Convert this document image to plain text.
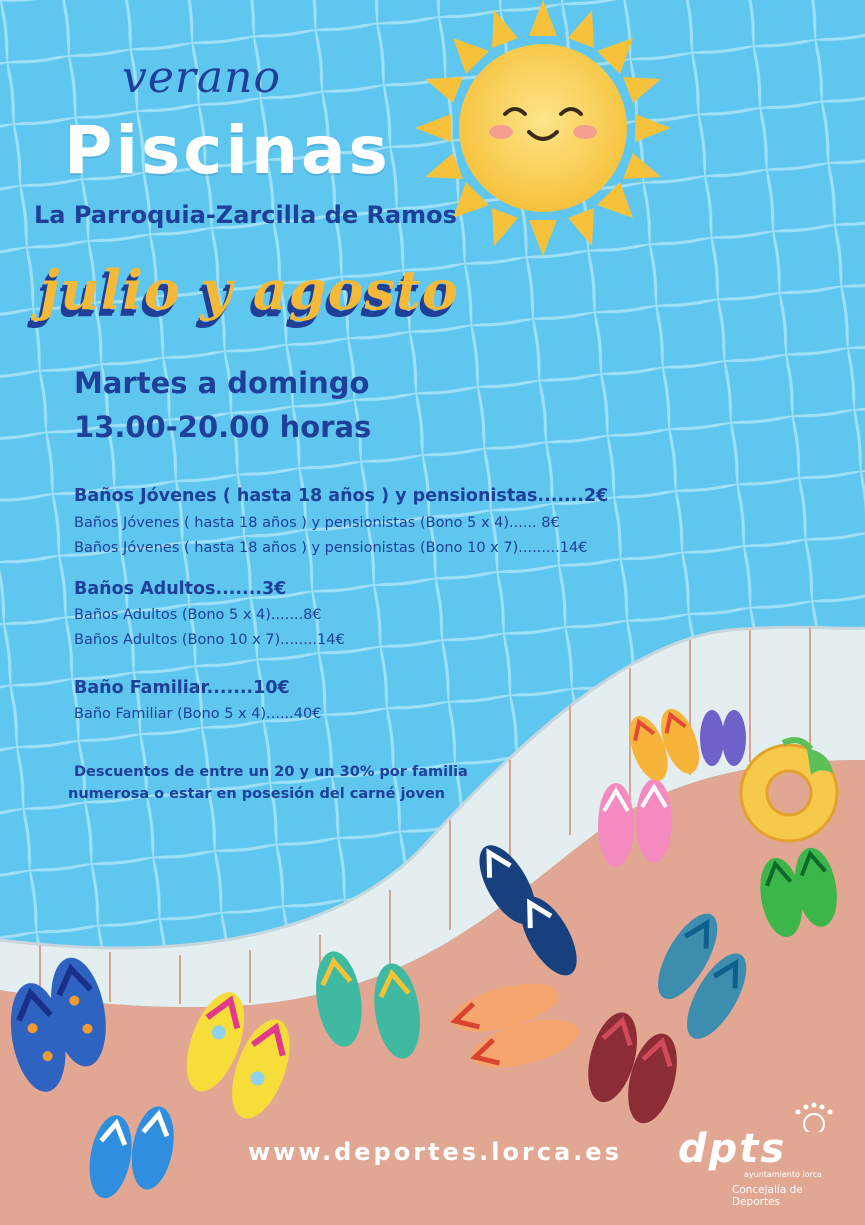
verano

Piscinas

La Parroquia-Zarcilla de Ramos

julio y agosto

Martes a domingo

13.00-20.00 horas

Baños Jóvenes ( hasta 18 años ) y pensionistas.......2€

Baños Jóvenes ( hasta 18 años ) y pensionistas (Bono 5 x 4)...... 8€

Baños Jóvenes ( hasta 18 años ) y pensionistas (Bono 10 x 7).........14€

Baños Adultos.......3€

Baños Adultos (Bono 5 x 4).......8€

Baños Adultos (Bono 10 x 7)........14€

Baño Familiar.......10€

Baño Familiar (Bono 5 x 4)......40€

Descuentos de entre un 20 y un 30% por familia

numerosa o estar en posesión del carné joven

www.deportes.lorca.es dpts
ayuntamiento lorca
Concejalía de Deportes
